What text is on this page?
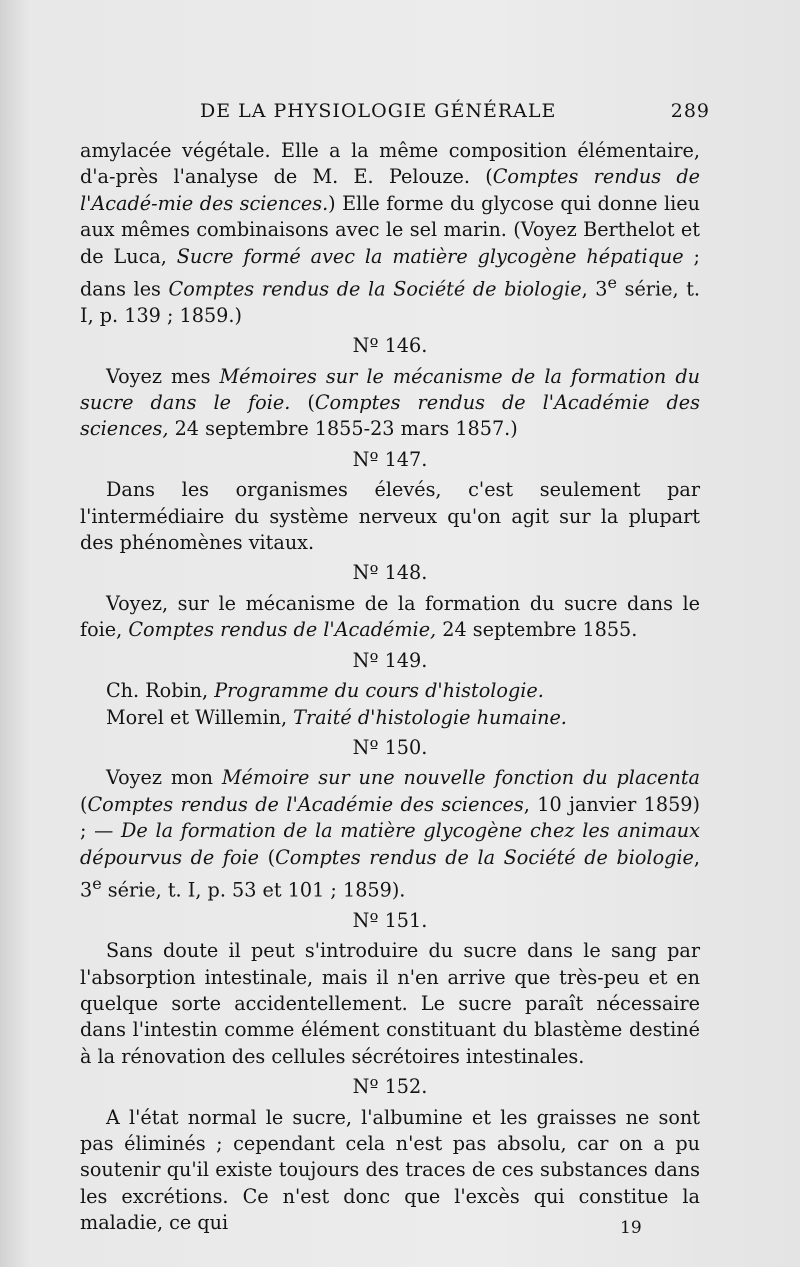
DE LA PHYSIOLOGIE GÉNÉRALE	289

amylacée végétale. Elle a la même composition élémentaire, d'a-près l'analyse de M. E. Pelouze. (Comptes rendus de l'Acadé-mie des sciences.) Elle forme du glycose qui donne lieu aux mêmes combinaisons avec le sel marin. (Voyez Berthelot et de Luca, Sucre formé avec la matière glycogène hépatique ; dans les Comptes rendus de la Société de biologie, 3e série, t. I, p. 139 ; 1859.)

Nº 146.

Voyez mes Mémoires sur le mécanisme de la formation du sucre dans le foie. (Comptes rendus de l'Académie des sciences, 24 septembre 1855-23 mars 1857.)

Nº 147.

Dans les organismes élevés, c'est seulement par l'intermédiaire du système nerveux qu'on agit sur la plupart des phénomènes vitaux.

Nº 148.

Voyez, sur le mécanisme de la formation du sucre dans le foie, Comptes rendus de l'Académie, 24 septembre 1855.

Nº 149.

Ch. Robin, Programme du cours d'histologie.

Morel et Willemin, Traité d'histologie humaine.

Nº 150.

Voyez mon Mémoire sur une nouvelle fonction du placenta (Comptes rendus de l'Académie des sciences, 10 janvier 1859) ; — De la formation de la matière glycogène chez les animaux dépourvus de foie (Comptes rendus de la Société de biologie, 3e série, t. I, p. 53 et 101 ; 1859).

Nº 151.

Sans doute il peut s'introduire du sucre dans le sang par l'absorption intestinale, mais il n'en arrive que très-peu et en quelque sorte accidentellement. Le sucre paraît nécessaire dans l'intestin comme élément constituant du blastème destiné à la rénovation des cellules sécrétoires intestinales.

Nº 152.

A l'état normal le sucre, l'albumine et les graisses ne sont pas éliminés ; cependant cela n'est pas absolu, car on a pu soutenir qu'il existe toujours des traces de ces substances dans les excrétions. Ce n'est donc que l'excès qui constitue la maladie, ce qui	19
